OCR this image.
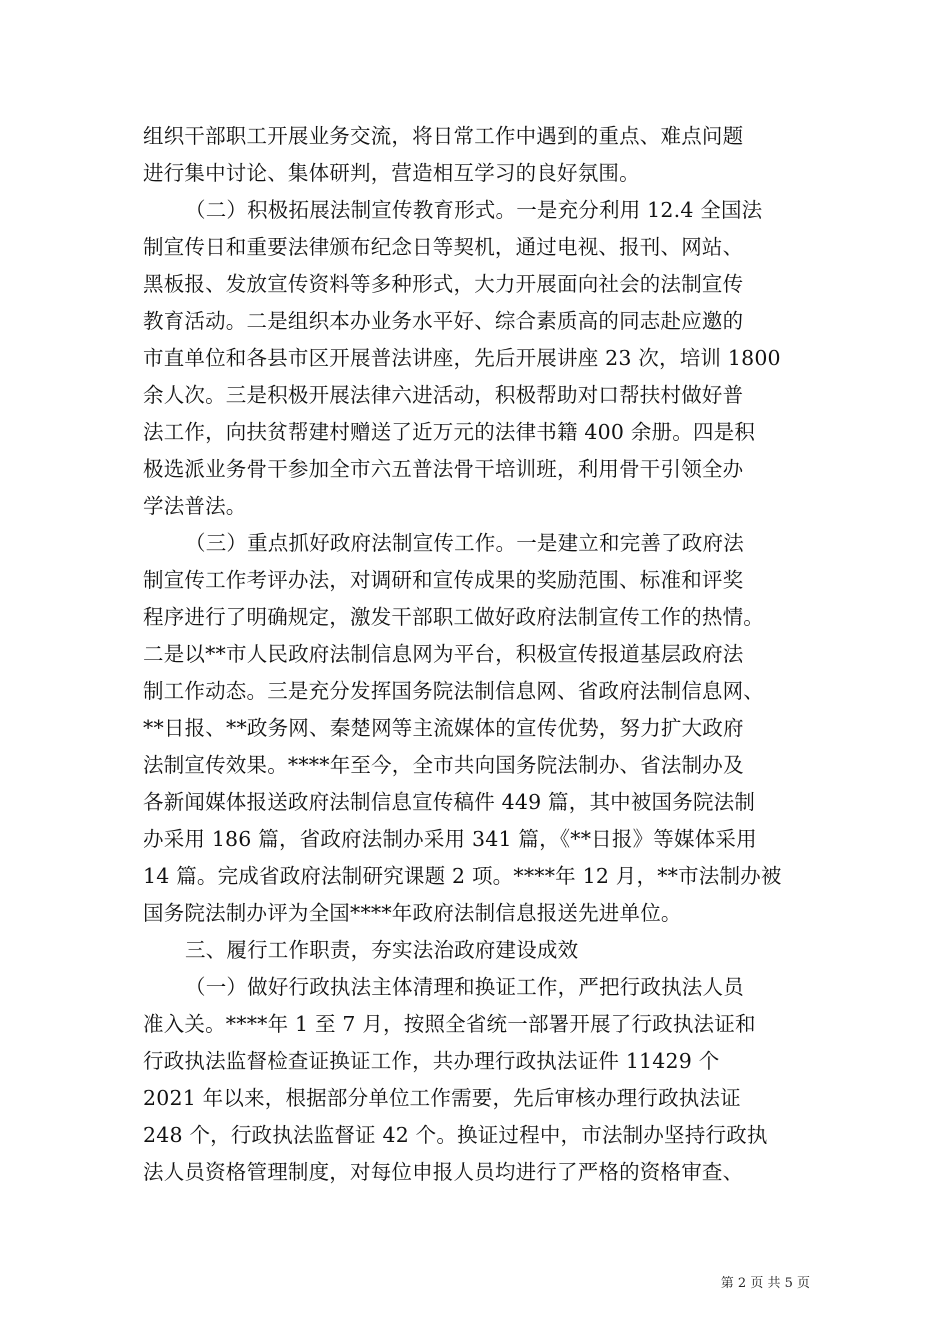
组织干部职工开展业务交流，将日常工作中遇到的重点、难点问题
进行集中讨论、集体研判，营造相互学习的良好氛围。
（二）积极拓展法制宣传教育形式。一是充分利用 12.4 全国法
制宣传日和重要法律颁布纪念日等契机，通过电视、报刊、网站、
黑板报、发放宣传资料等多种形式，大力开展面向社会的法制宣传
教育活动。二是组织本办业务水平好、综合素质高的同志赴应邀的
市直单位和各县市区开展普法讲座，先后开展讲座 23 次，培训 1800
余人次。三是积极开展法律六进活动，积极帮助对口帮扶村做好普
法工作，向扶贫帮建村赠送了近万元的法律书籍 400 余册。四是积
极选派业务骨干参加全市六五普法骨干培训班，利用骨干引领全办
学法普法。
（三）重点抓好政府法制宣传工作。一是建立和完善了政府法
制宣传工作考评办法，对调研和宣传成果的奖励范围、标准和评奖
程序进行了明确规定，激发干部职工做好政府法制宣传工作的热情。
二是以**市人民政府法制信息网为平台，积极宣传报道基层政府法
制工作动态。三是充分发挥国务院法制信息网、省政府法制信息网、
**日报、**政务网、秦楚网等主流媒体的宣传优势，努力扩大政府
法制宣传效果。****年至今，全市共向国务院法制办、省法制办及
各新闻媒体报送政府法制信息宣传稿件 449 篇，其中被国务院法制
办采用 186 篇，省政府法制办采用 341 篇，《**日报》等媒体采用
14 篇。完成省政府法制研究课题 2 项。****年 12 月，**市法制办被
国务院法制办评为全国****年政府法制信息报送先进单位。
三、履行工作职责，夯实法治政府建设成效
（一）做好行政执法主体清理和换证工作，严把行政执法人员
准入关。****年 1 至 7 月，按照全省统一部署开展了行政执法证和
行政执法监督检查证换证工作，共办理行政执法证件 11429 个
2021 年以来，根据部分单位工作需要，先后审核办理行政执法证
248 个，行政执法监督证 42 个。换证过程中，市法制办坚持行政执
法人员资格管理制度，对每位申报人员均进行了严格的资格审查、
第 2 页 共 5 页
